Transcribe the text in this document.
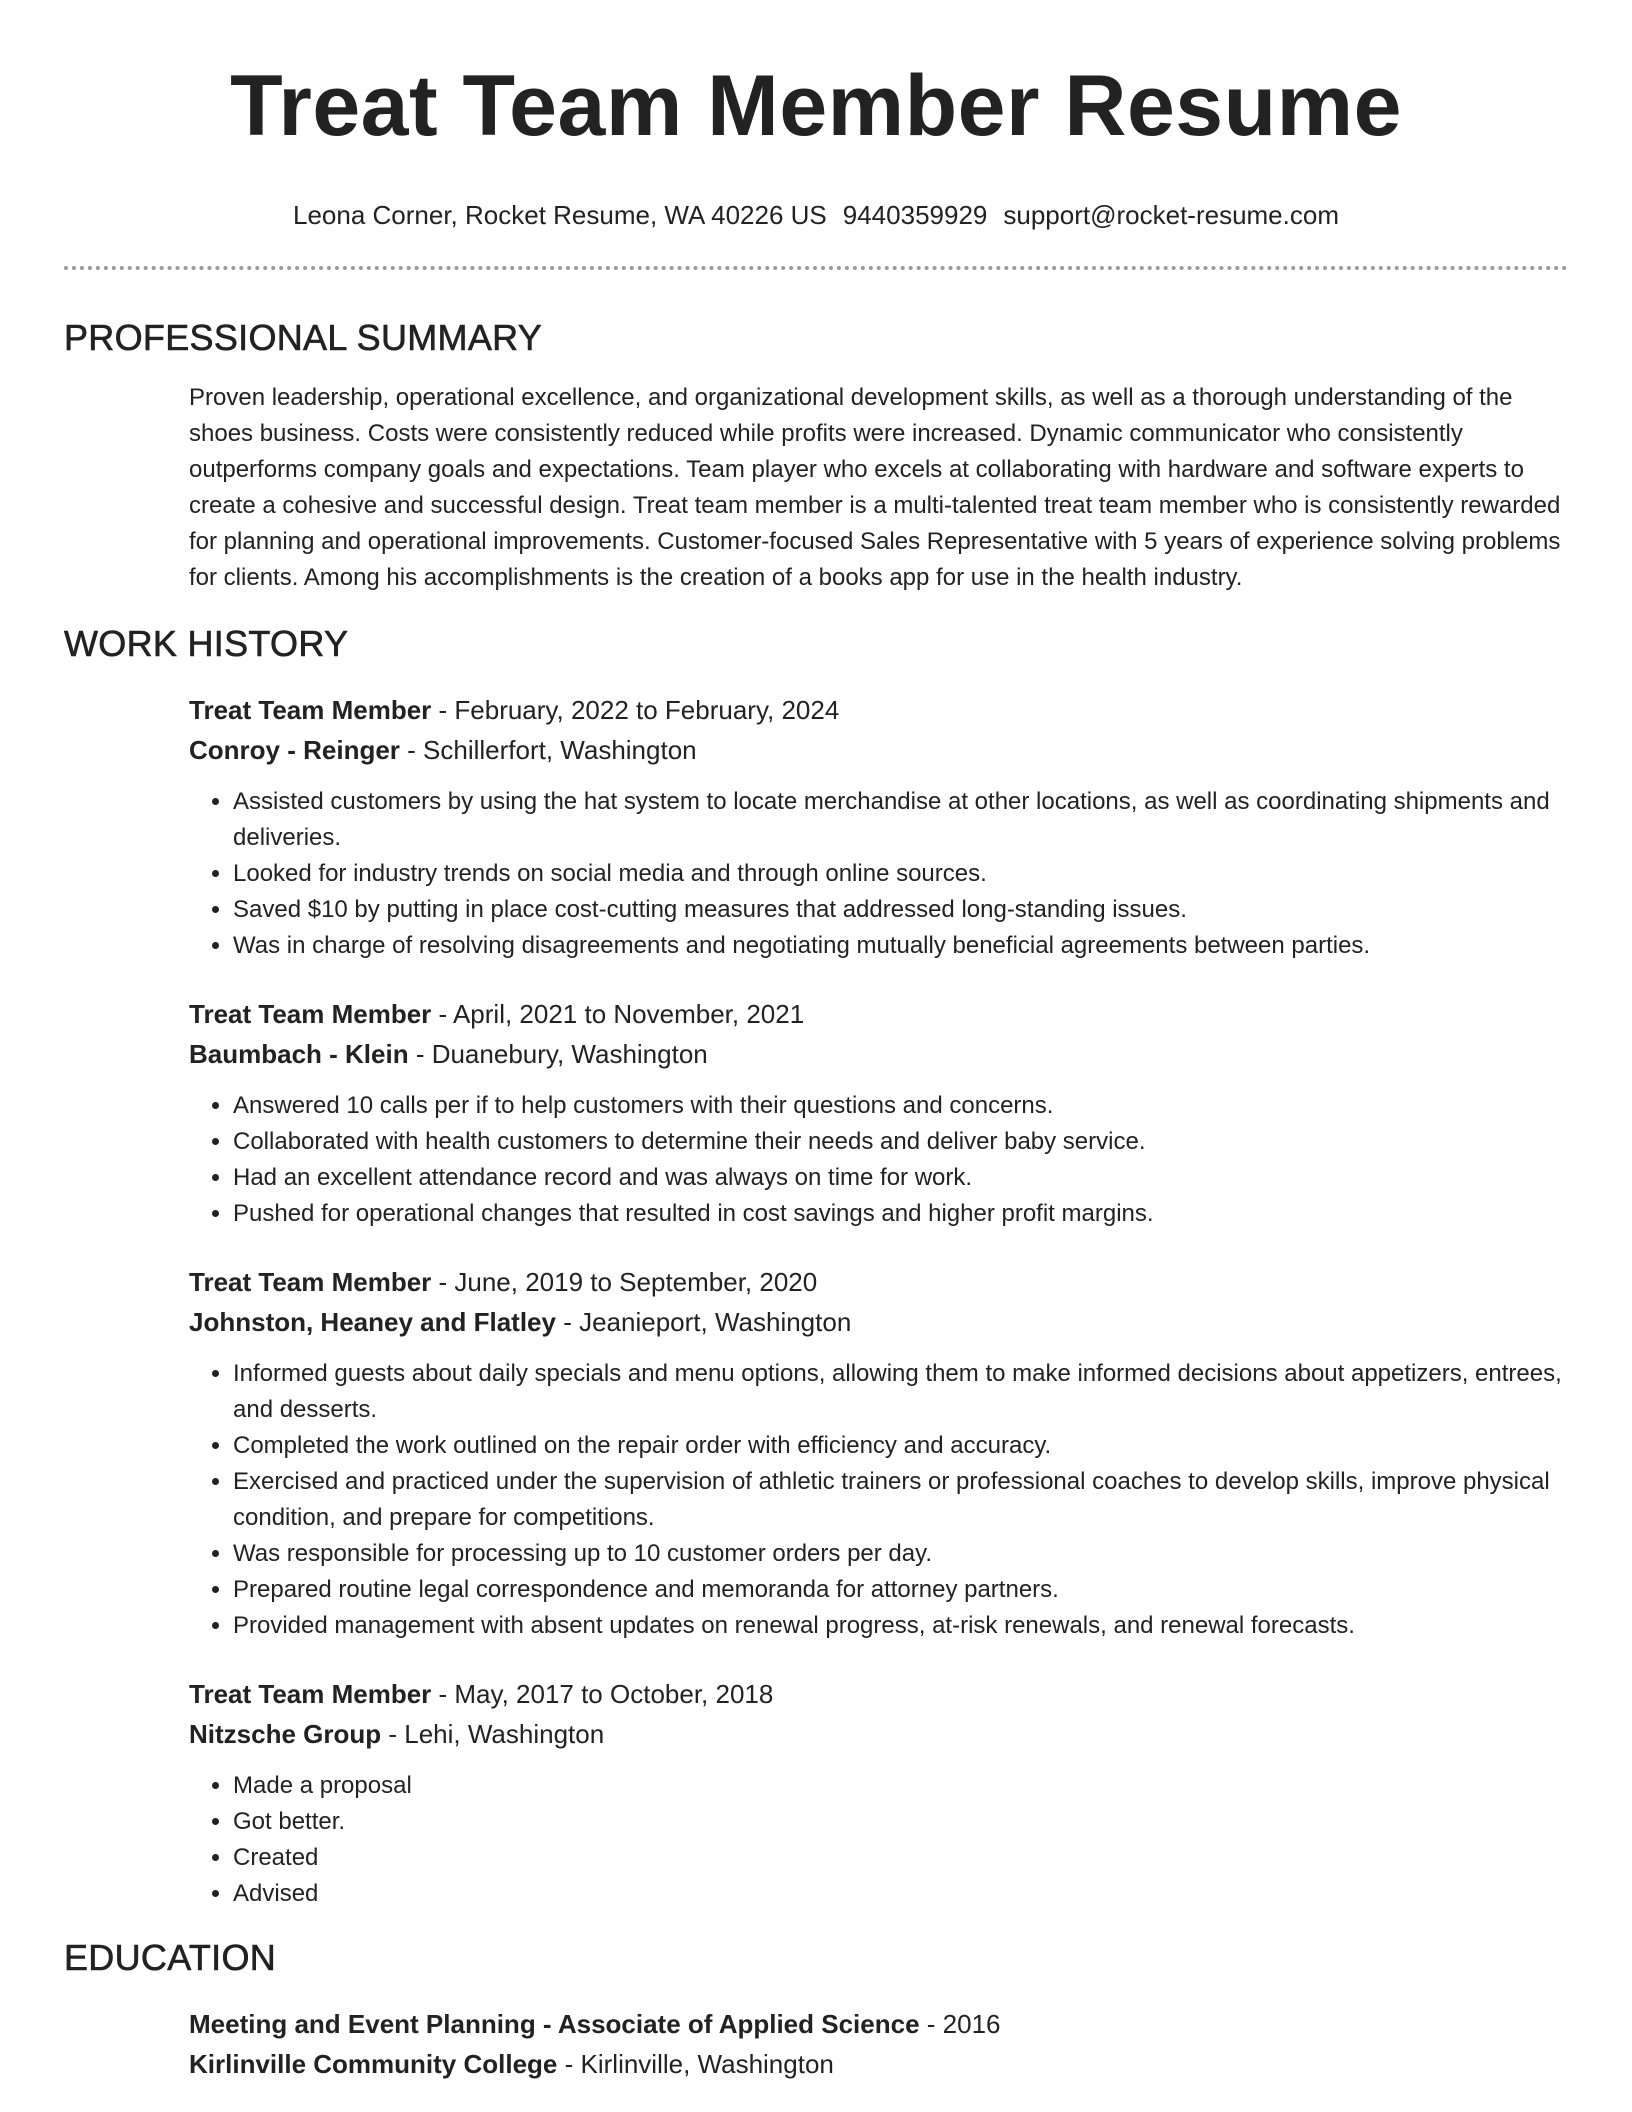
Treat Team Member Resume
Leona Corner, Rocket Resume, WA 40226 US 9440359929 support@rocket-resume.com
PROFESSIONAL SUMMARY

Proven leadership, operational excellence, and organizational development skills, as well as a thorough understanding of the shoes business. Costs were consistently reduced while profits were increased. Dynamic communicator who consistently outperforms company goals and expectations. Team player who excels at collaborating with hardware and software experts to create a cohesive and successful design. Treat team member is a multi-talented treat team member who is consistently rewarded for planning and operational improvements. Customer-focused Sales Representative with 5 years of experience solving problems for clients. Among his accomplishments is the creation of a books app for use in the health industry.

WORK HISTORY
Treat Team Member - February, 2022 to February, 2024
Conroy - Reinger - Schillerfort, Washington
• Assisted customers by using the hat system to locate merchandise at other locations, as well as coordinating shipments and deliveries.
• Looked for industry trends on social media and through online sources.
• Saved $10 by putting in place cost-cutting measures that addressed long-standing issues.
• Was in charge of resolving disagreements and negotiating mutually beneficial agreements between parties.
Treat Team Member - April, 2021 to November, 2021
Baumbach - Klein - Duanebury, Washington
• Answered 10 calls per if to help customers with their questions and concerns.
• Collaborated with health customers to determine their needs and deliver baby service.
• Had an excellent attendance record and was always on time for work.
• Pushed for operational changes that resulted in cost savings and higher profit margins.
Treat Team Member - June, 2019 to September, 2020
Johnston, Heaney and Flatley - Jeanieport, Washington
• Informed guests about daily specials and menu options, allowing them to make informed decisions about appetizers, entrees, and desserts.
• Completed the work outlined on the repair order with efficiency and accuracy.
• Exercised and practiced under the supervision of athletic trainers or professional coaches to develop skills, improve physical condition, and prepare for competitions.
• Was responsible for processing up to 10 customer orders per day.
• Prepared routine legal correspondence and memoranda for attorney partners.
• Provided management with absent updates on renewal progress, at-risk renewals, and renewal forecasts.
Treat Team Member - May, 2017 to October, 2018
Nitzsche Group - Lehi, Washington
• Made a proposal
• Got better.
• Created
• Advised
EDUCATION
Meeting and Event Planning - Associate of Applied Science - 2016
Kirlinville Community College - Kirlinville, Washington
